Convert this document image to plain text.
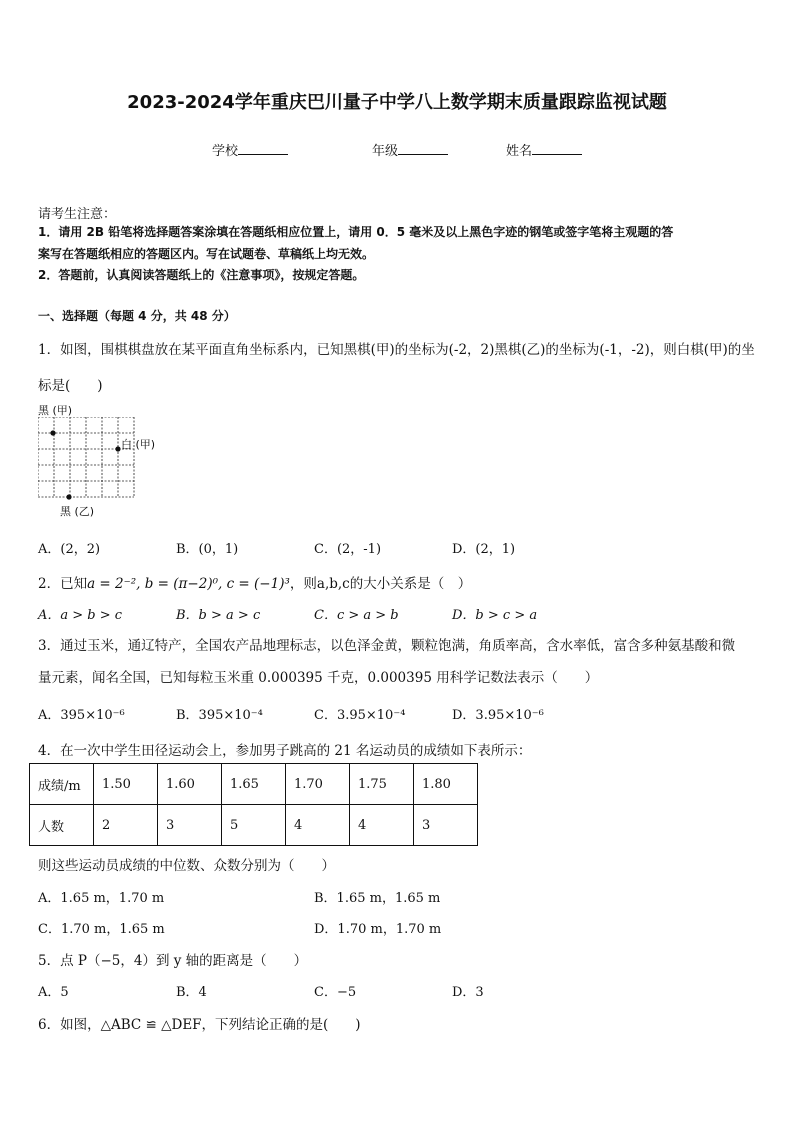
2023-2024学年重庆巴川量子中学八上数学期末质量跟踪监视试题
学校	年级	姓名
请考生注意：
1．请用 2B 铅笔将选择题答案涂填在答题纸相应位置上，请用 0．5 毫米及以上黑色字迹的钢笔或签字笔将主观题的答
案写在答题纸相应的答题区内。写在试题卷、草稿纸上均无效。
2．答题前，认真阅读答题纸上的《注意事项》，按规定答题。
一、选择题（每题 4 分，共 48 分）
1．如图，围棋棋盘放在某平面直角坐标系内，已知黑棋(甲)的坐标为(-2，2)黑棋(乙)的坐标为(-1，-2)，则白棋(甲)的坐
标是(　　)
黑 (甲)
白 (甲)
黑 (乙)
A．(2，2)	B．(0，1)	C．(2，-1)	D．(2，1)
2．已知a = 2⁻², b = (π−2)⁰, c = (−1)³，则a,b,c的大小关系是（　）
A．a > b > c	B．b > a > c	C．c > a > b	D．b > c > a
3．通过玉米，通辽特产，全国农产品地理标志，以色泽金黄，颗粒饱满，角质率高，含水率低，富含多种氨基酸和微
量元素，闻名全国，已知每粒玉米重 0.000395 千克，0.000395 用科学记数法表示（　　）
A．395×10⁻⁶	B．395×10⁻⁴	C．3.95×10⁻⁴	D．3.95×10⁻⁶
4．在一次中学生田径运动会上，参加男子跳高的 21 名运动员的成绩如下表所示：
成绩/m	1.50	1.60	1.65	1.70	1.75	1.80
人数	2	3	5	4	4	3
则这些运动员成绩的中位数、众数分别为（　　）
A．1.65 m，1.70 m	B．1.65 m，1.65 m
C．1.70 m，1.65 m	D．1.70 m，1.70 m
5．点 P（−5，4）到 y 轴的距离是（　　）
A．5	B．4	C．−5	D．3
6．如图，△ABC ≌ △DEF，下列结论正确的是(　　)
